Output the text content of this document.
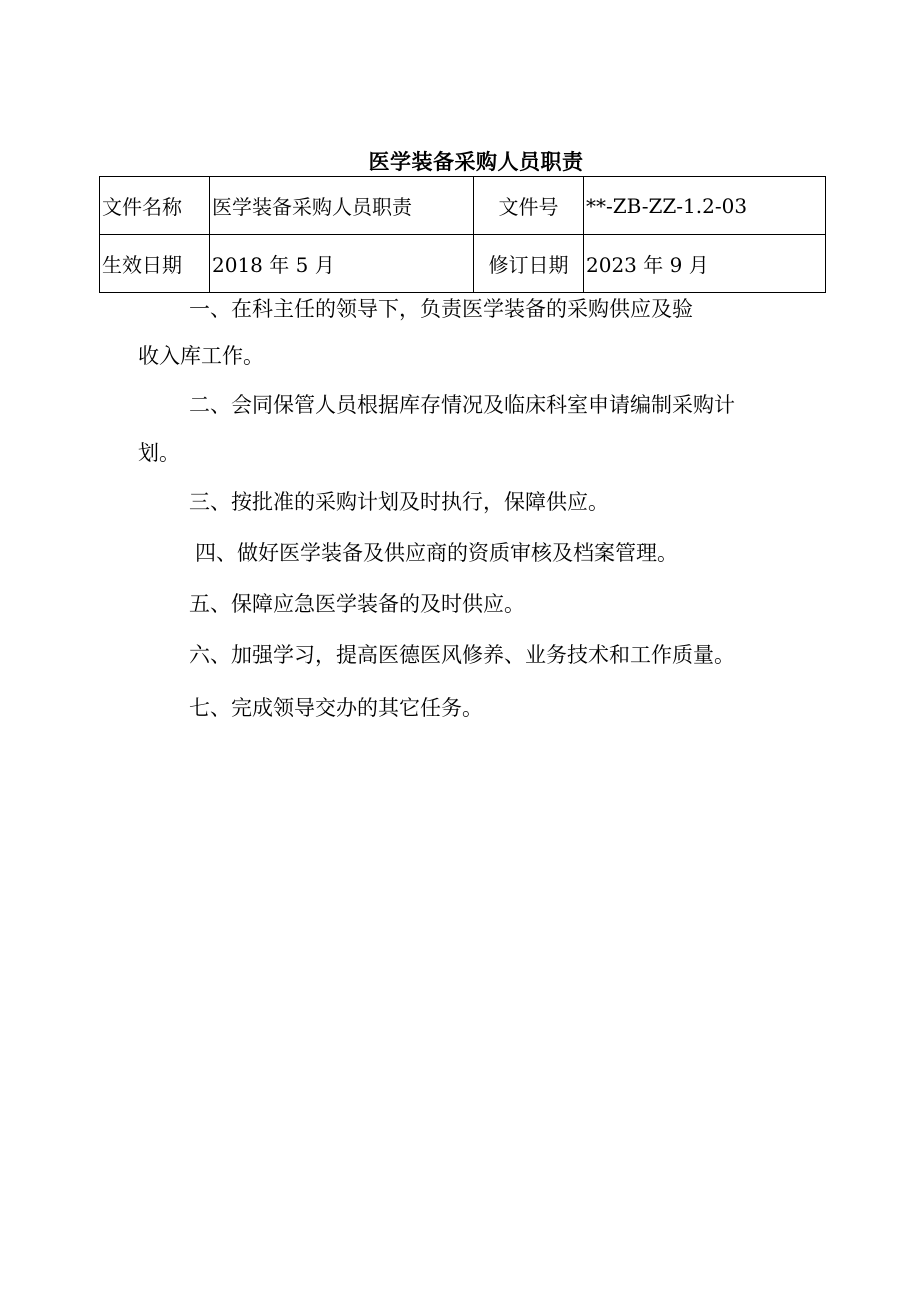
医学装备采购人员职责
文件名称	医学装备采购人员职责	文件号	**-ZB-ZZ-1.2-03
生效日期	2018 年 5 月	修订日期	2023 年 9 月
一、在科主任的领导下，负责医学装备的采购供应及验
收入库工作。
二、会同保管人员根据库存情况及临床科室申请编制采购计
划。
三、按批准的采购计划及时执行，保障供应。
四、做好医学装备及供应商的资质审核及档案管理。
五、保障应急医学装备的及时供应。
六、加强学习，提高医德医风修养、业务技术和工作质量。
七、完成领导交办的其它任务。
